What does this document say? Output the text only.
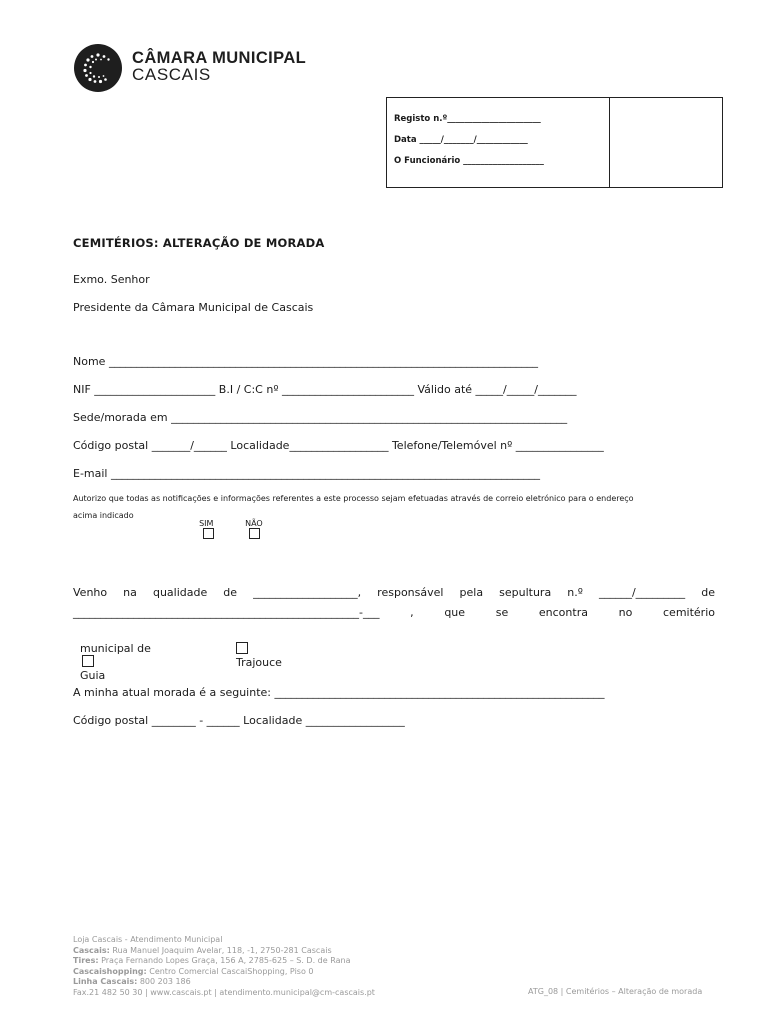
CÂMARA MUNICIPAL
CASCAIS
Registo n.º______________________
Data _____/_______/____________
O Funcionário ___________________
CEMITÉRIOS: ALTERAÇÃO DE MORADA
Exmo. Senhor
Presidente da Câmara Municipal de Cascais
Nome ______________________________________________________________________________
NIF ______________________ B.I / C:C nº ________________________ Válido até _____/_____/_______
Sede/morada em ________________________________________________________________________
Código postal _______/______ Localidade__________________ Telefone/Telemóvel nº ________________
E-mail ______________________________________________________________________________
Autorizo que todas as notificações e informações referentes a este processo sejam efetuadas através de correio eletrónico para o endereço
acima indicado

SIM
	NÃO

Venho na qualidade de ___________________, responsável pela sepultura n.º ______/_________ de
____________________________________________________-___ , que se encontra no cemitério

municipal de

Guia

Trajouce

A minha atual morada é a seguinte: ____________________________________________________________
Código postal ________ - ______ Localidade __________________
Loja Cascais - Atendimento Municipal
Cascais: Rua Manuel Joaquim Avelar, 118, -1, 2750-281 Cascais
Tires: Praça Fernando Lopes Graça, 156 A, 2785-625 – S. D. de Rana
Cascaishopping: Centro Comercial CascaiShopping, Piso 0
Linha Cascais: 800 203 186
Fax.21 482 50 30 | www.cascais.pt | atendimento.municipal@cm-cascais.pt	ATG_08 | Cemitérios – Alteração de morada
